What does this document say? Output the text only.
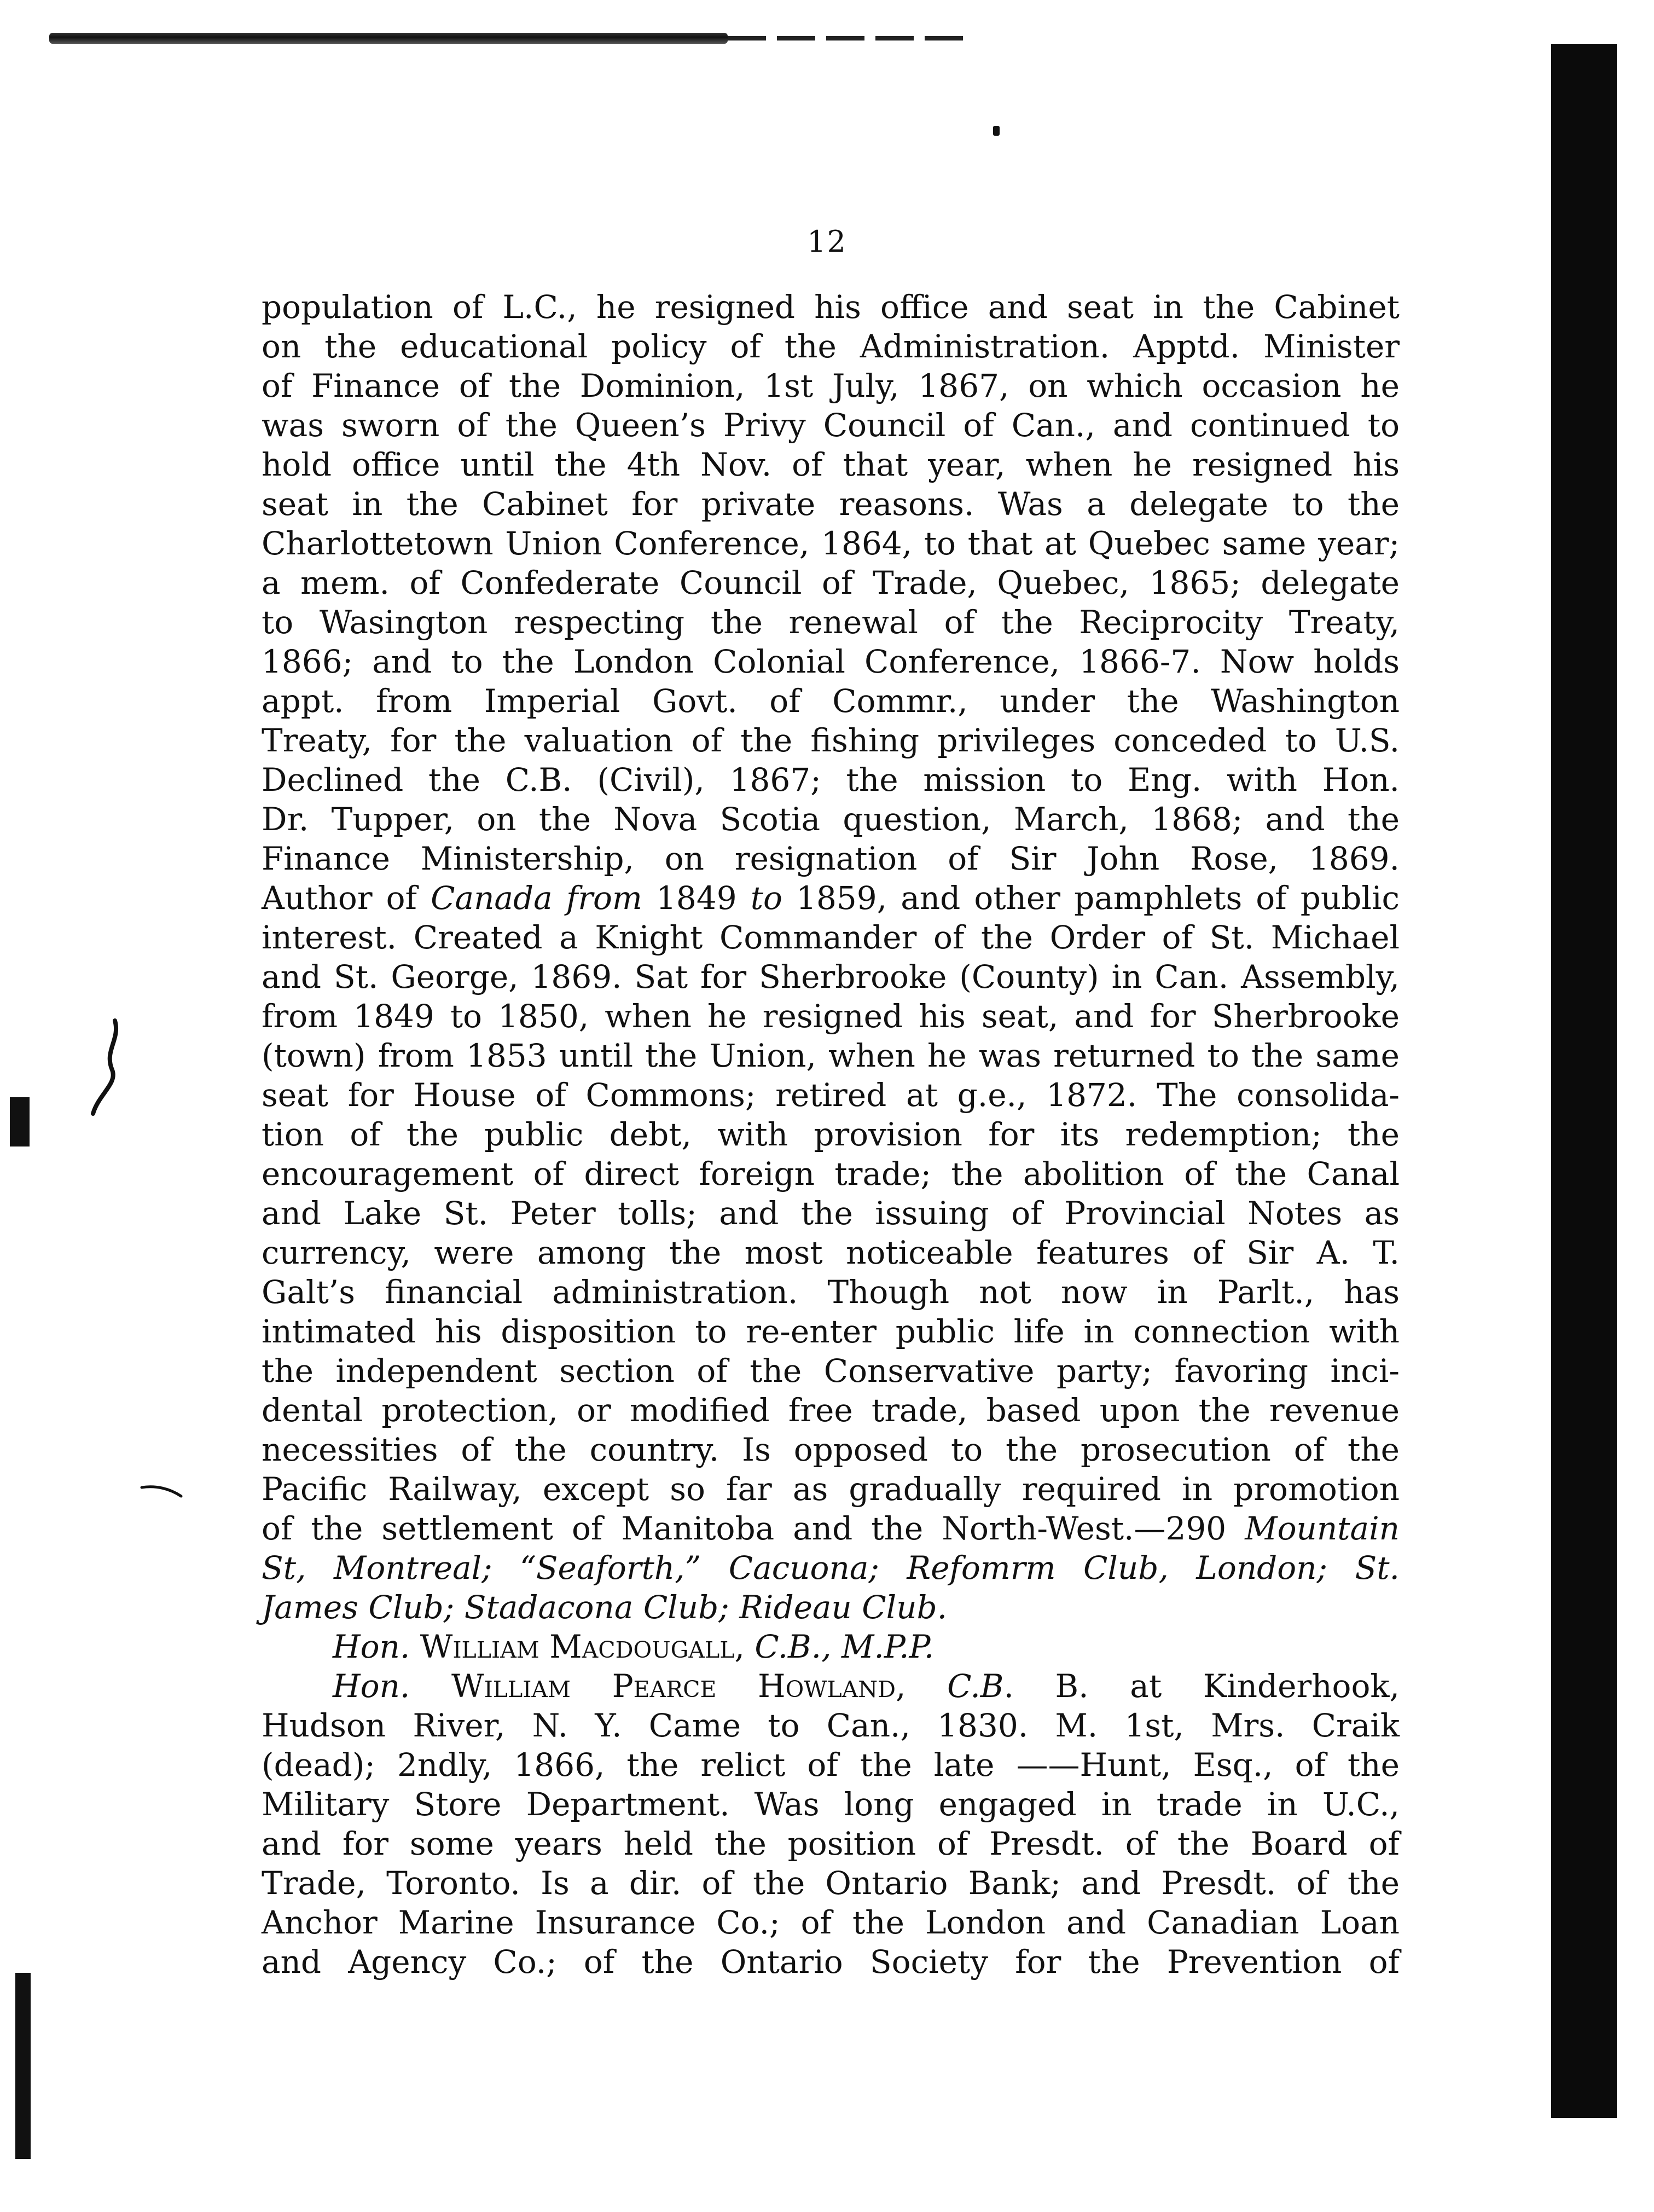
12
population of L.C., he resigned his office and seat in the Cabinet
on the educational policy of the Administration. Apptd. Minister
of Finance of the Dominion, 1st July, 1867, on which occasion he
was sworn of the Queen’s Privy Council of Can., and continued to
hold office until the 4th Nov. of that year, when he resigned his
seat in the Cabinet for private reasons. Was a delegate to the
Charlottetown Union Conference, 1864, to that at Quebec same year;
a mem. of Confederate Council of Trade, Quebec, 1865; delegate
to Wasington respecting the renewal of the Reciprocity Treaty,
1866; and to the London Colonial Conference, 1866-7. Now holds
appt. from Imperial Govt. of Commr., under the Washington
Treaty, for the valuation of the fishing privileges conceded to U.S.
Declined the C.B. (Civil), 1867; the mission to Eng. with Hon.
Dr. Tupper, on the Nova Scotia question, March, 1868; and the
Finance Ministership, on resignation of Sir John Rose, 1869.
Author of Canada from 1849 to 1859, and other pamphlets of public
interest. Created a Knight Commander of the Order of St. Michael
and St. George, 1869. Sat for Sherbrooke (County) in Can. Assembly,
from 1849 to 1850, when he resigned his seat, and for Sherbrooke
(town) from 1853 until the Union, when he was returned to the same
seat for House of Commons; retired at g.e., 1872. The consolida-
tion of the public debt, with provision for its redemption; the
encouragement of direct foreign trade; the abolition of the Canal
and Lake St. Peter tolls; and the issuing of Provincial Notes as
currency, were among the most noticeable features of Sir A. T.
Galt’s financial administration. Though not now in Parlt., has
intimated his disposition to re-enter public life in connection with
the independent section of the Conservative party; favoring inci-
dental protection, or modified free trade, based upon the revenue
necessities of the country. Is opposed to the prosecution of the
Pacific Railway, except so far as gradually required in promotion
of the settlement of Manitoba and the North-West.—290 Mountain
St, Montreal; “Seaforth,” Cacuona; Refomrm Club, London; St.
James Club; Stadacona Club; Rideau Club.
Hon. William Macdougall, C.B., M.P.P.
Hon. William Pearce Howland, C.B. B. at Kinderhook,
Hudson River, N. Y. Came to Can., 1830. M. 1st, Mrs. Craik
(dead); 2ndly, 1866, the relict of the late ——Hunt, Esq., of the
Military Store Department. Was long engaged in trade in U.C.,
and for some years held the position of Presdt. of the Board of
Trade, Toronto. Is a dir. of the Ontario Bank; and Presdt. of the
Anchor Marine Insurance Co.; of the London and Canadian Loan
and Agency Co.; of the Ontario Society for the Prevention of
